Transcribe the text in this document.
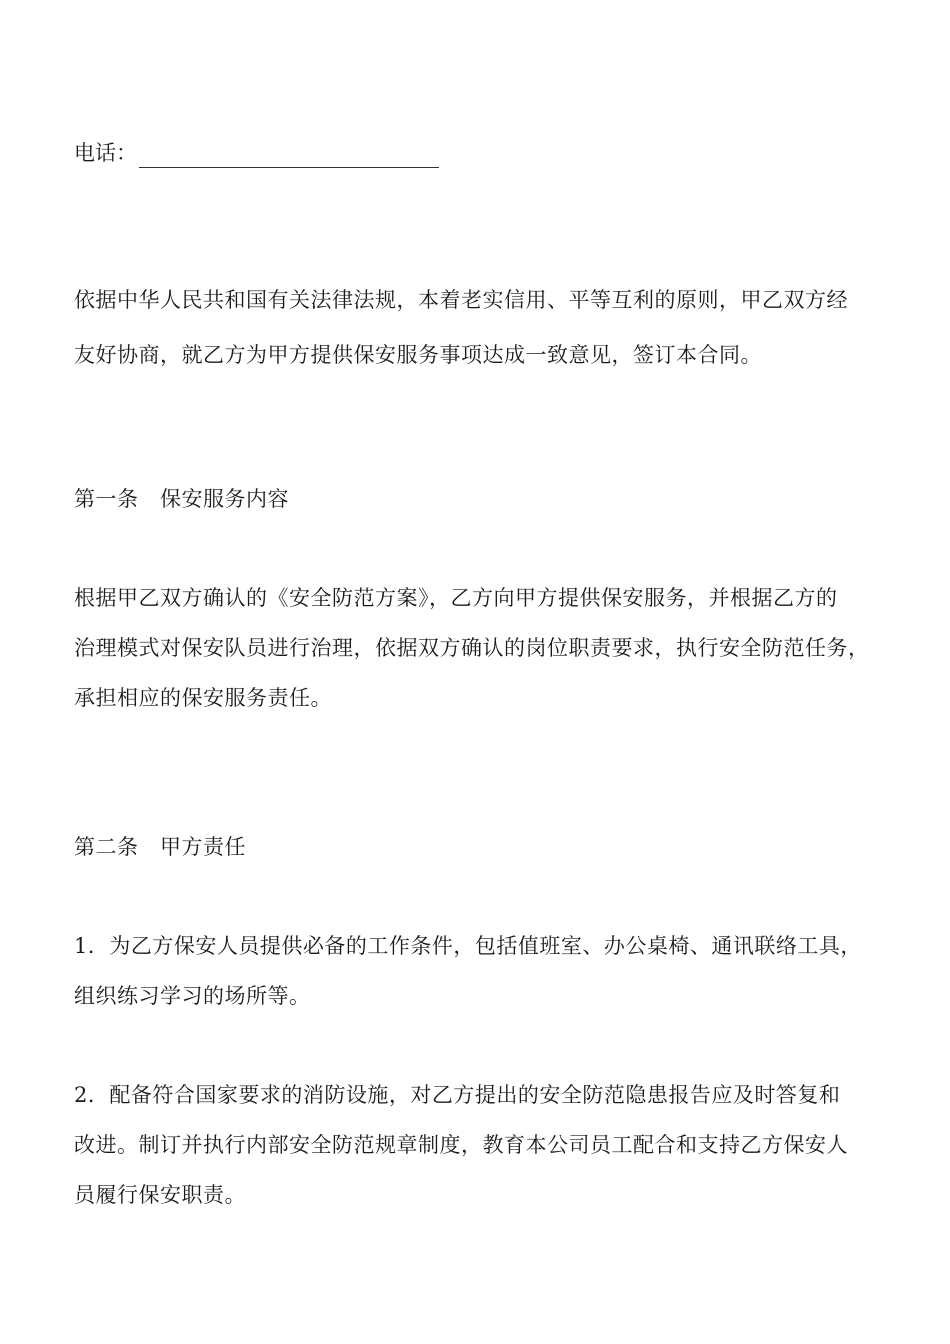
电话：
依据中华人民共和国有关法律法规，本着老实信用、平等互利的原则，甲乙双方经
友好协商，就乙方为甲方提供保安服务事项达成一致意见，签订本合同。
第一条　保安服务内容
根据甲乙双方确认的《安全防范方案》，乙方向甲方提供保安服务，并根据乙方的
治理模式对保安队员进行治理，依据双方确认的岗位职责要求，执行安全防范任务，
承担相应的保安服务责任。
第二条　甲方责任
1．为乙方保安人员提供必备的工作条件，包括值班室、办公桌椅、通讯联络工具，
组织练习学习的场所等。
2．配备符合国家要求的消防设施，对乙方提出的安全防范隐患报告应及时答复和
改进。制订并执行内部安全防范规章制度，教育本公司员工配合和支持乙方保安人
员履行保安职责。
